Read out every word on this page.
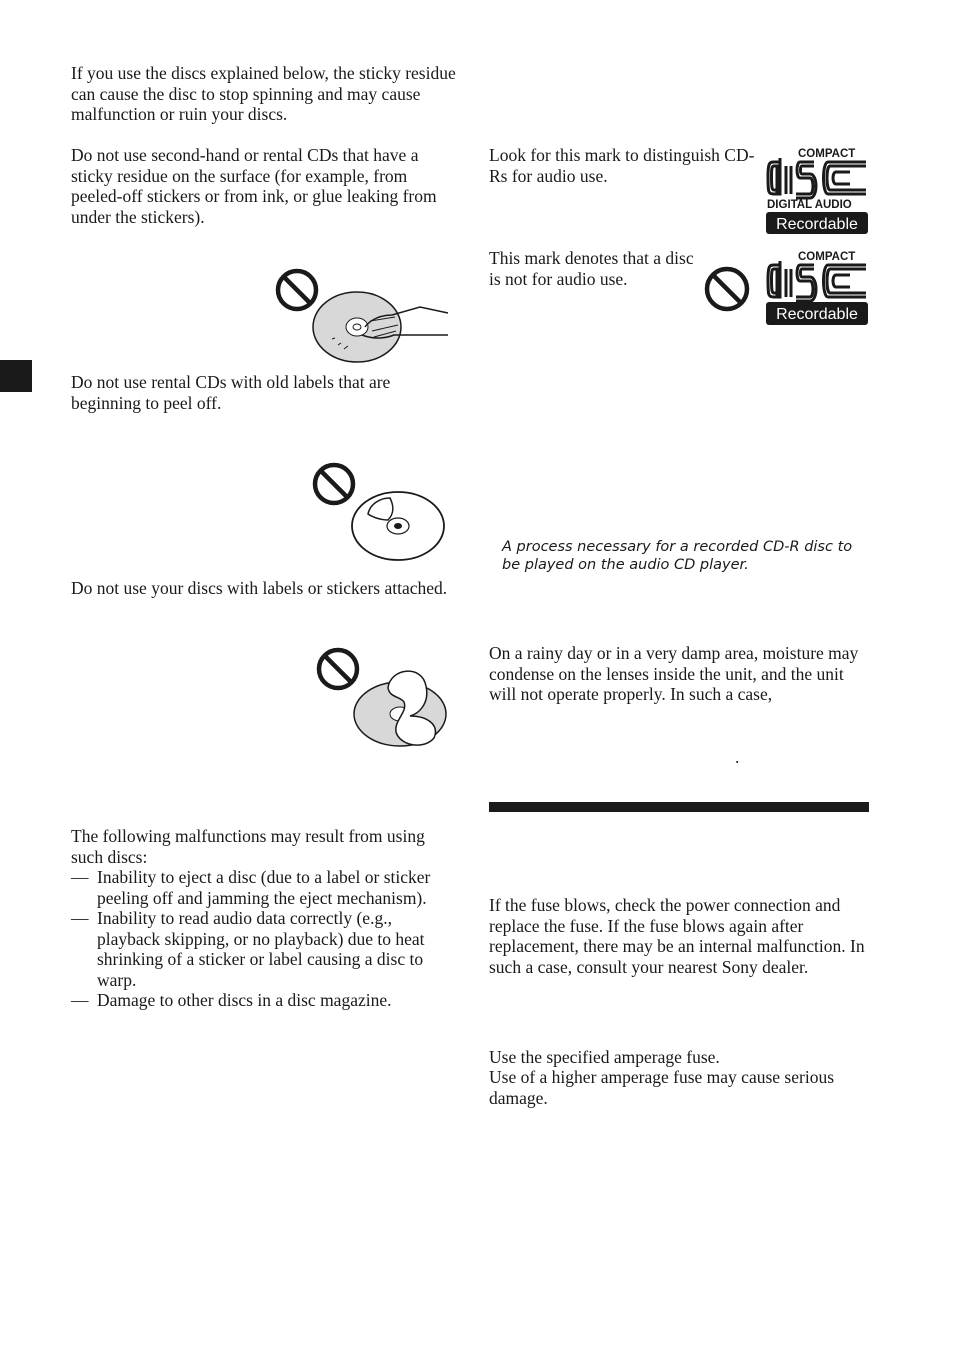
If you use the discs explained below, the sticky residue can cause the disc to stop spinning and may cause malfunction or ruin your discs.

Do not use second-hand or rental CDs that have a sticky residue on the surface (for example, from peeled-off stickers or from ink, or glue leaking from under the stickers).

Do not use rental CDs with old labels that are beginning to peel off.

Do not use your discs with labels or stickers attached.

The following malfunctions may result from using such discs:

— Inability to eject a disc (due to a label or sticker peeling off and jamming the eject mechanism).
— Inability to read audio data correctly (e.g., playback skipping, or no playback) due to heat shrinking of a sticker or label causing a disc to warp.
— Damage to other discs in a disc magazine.

Look for this mark to distinguish CD-Rs for audio use.

COMPACT
DIGITAL AUDIO
Recordable

This mark denotes that a disc is not for audio use.

COMPACT
Recordable

A process necessary for a recorded CD-R disc to be played on the audio CD player.

On a rainy day or in a very damp area, moisture may condense on the lenses inside the unit, and the unit will not operate properly. In such a case,

.

If the fuse blows, check the power connection and replace the fuse. If the fuse blows again after replacement, there may be an internal malfunction. In such a case, consult your nearest Sony dealer.

Use the specified amperage fuse.

Use of a higher amperage fuse may cause serious damage.
